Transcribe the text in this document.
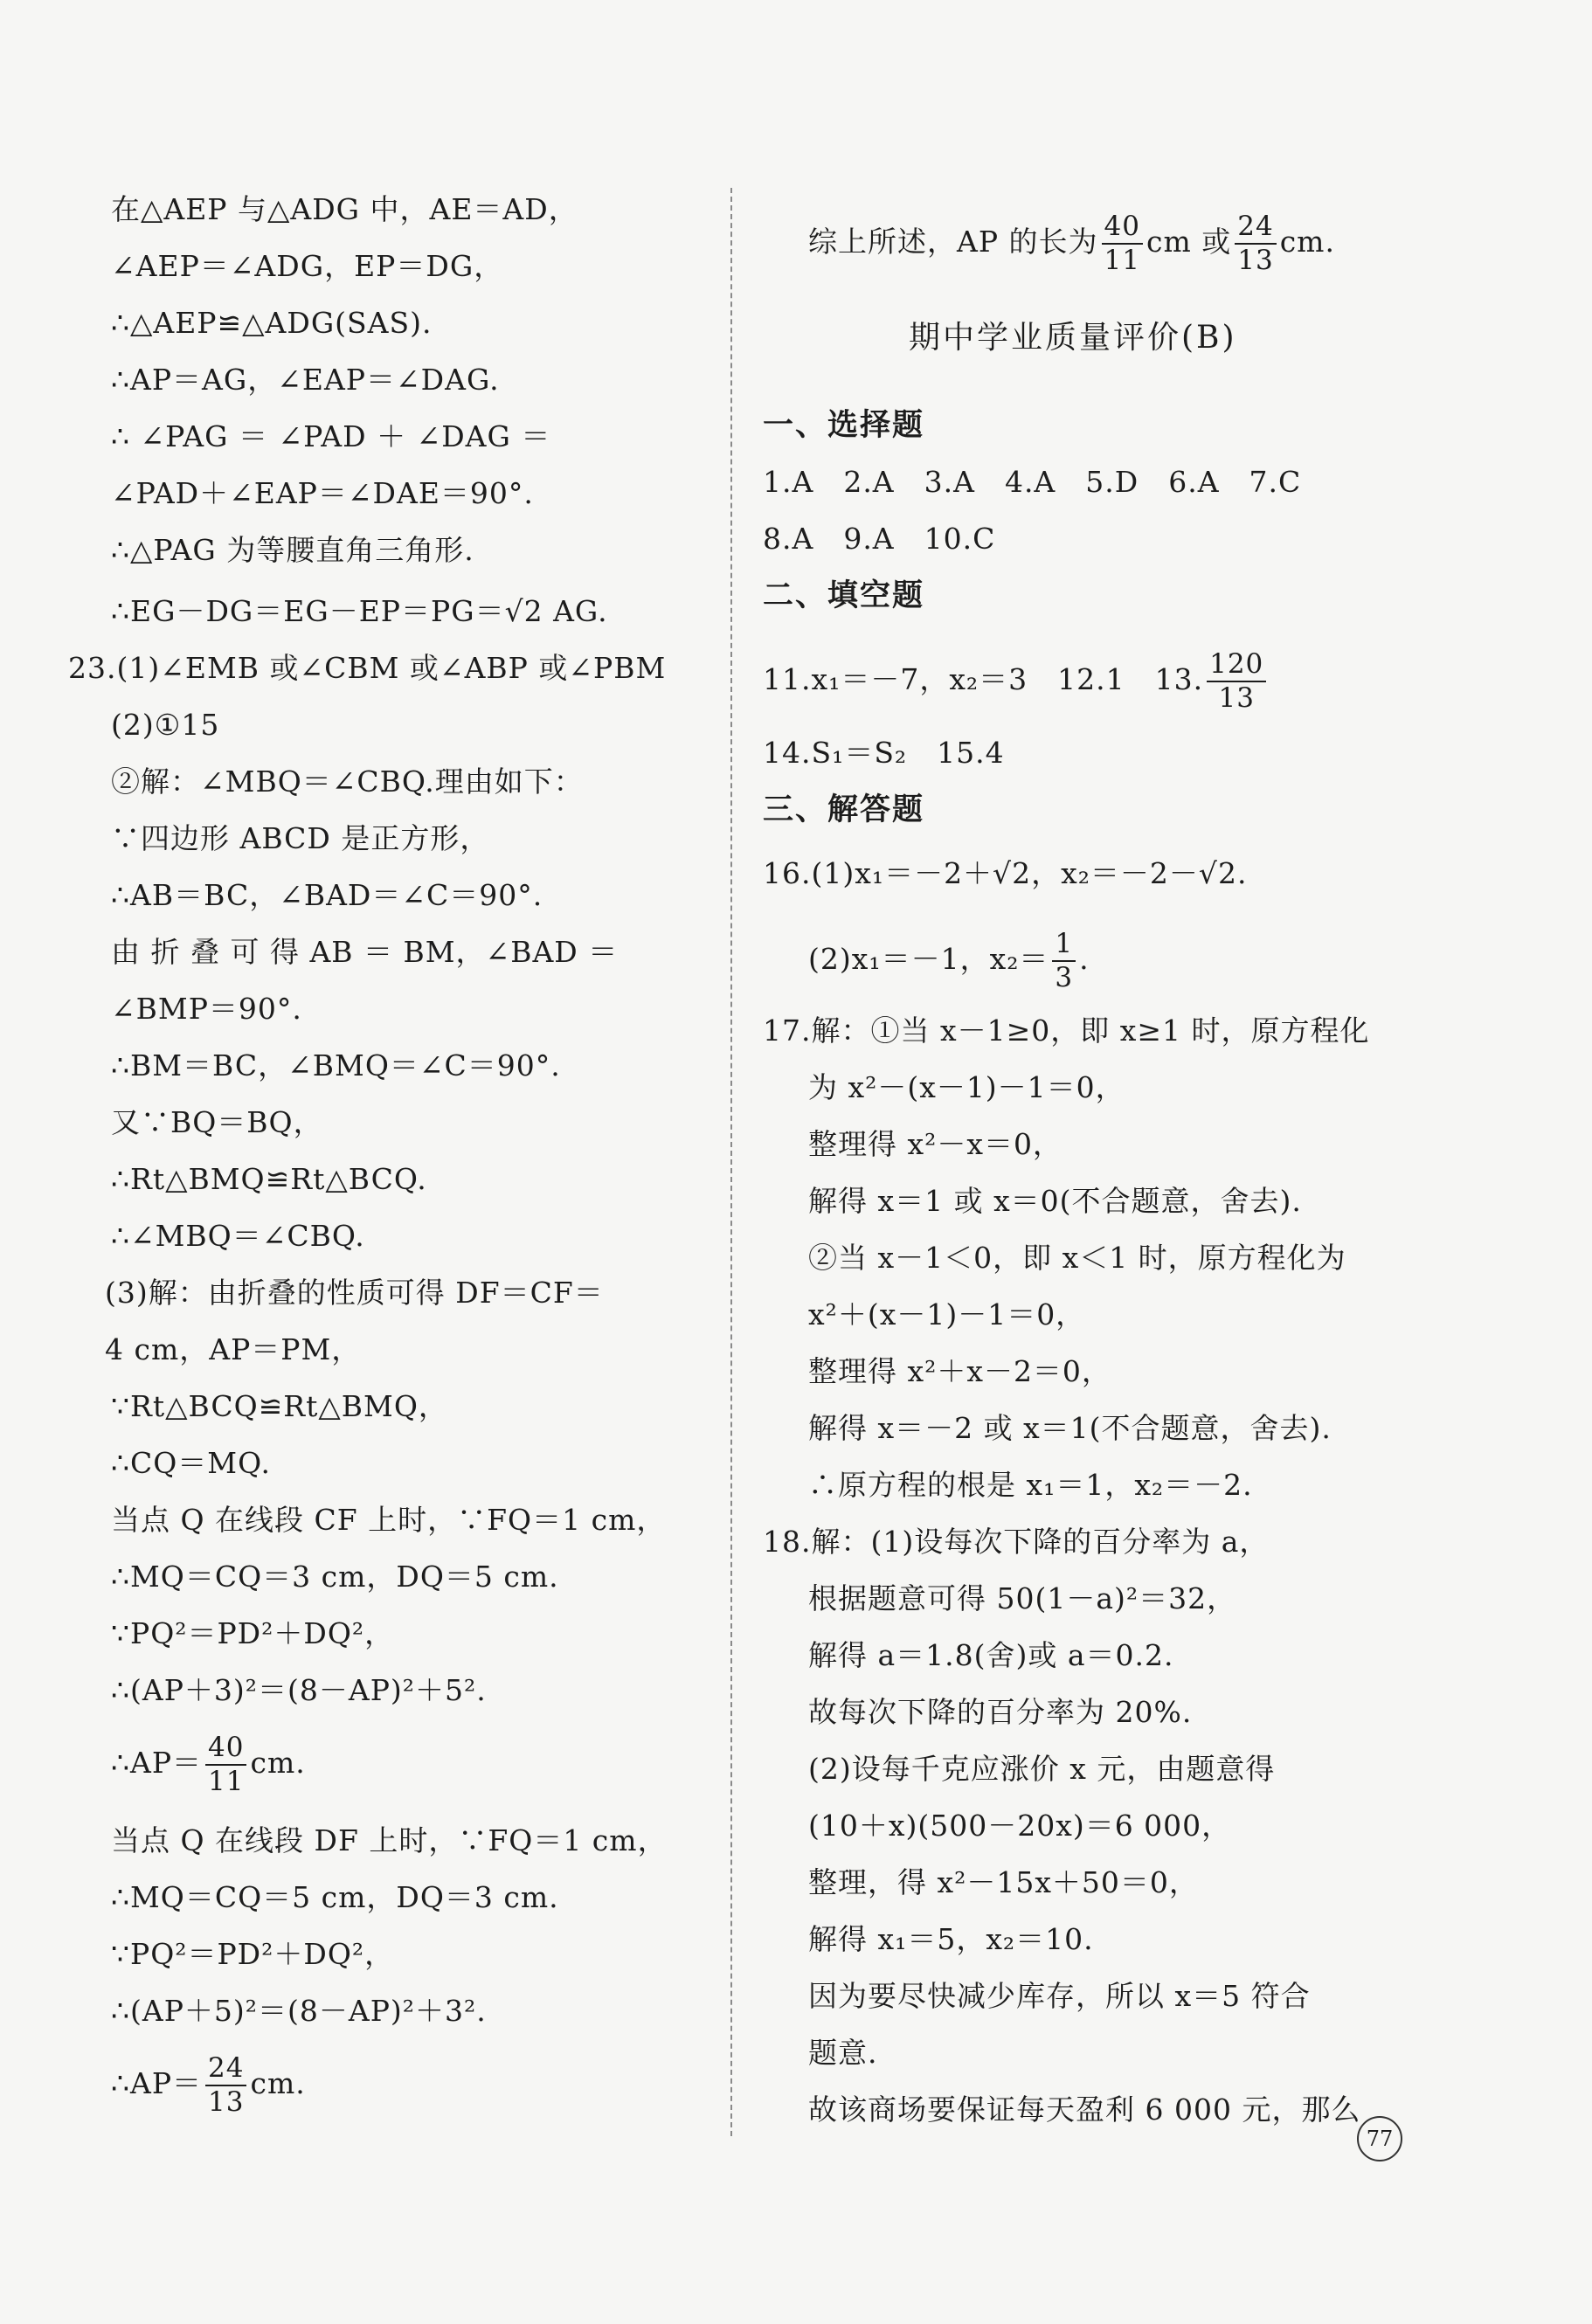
在△AEP 与△ADG 中，AE＝AD，
∠AEP＝∠ADG，EP＝DG，
∴△AEP≌△ADG(SAS).
∴AP＝AG，∠EAP＝∠DAG.
∴ ∠PAG ＝ ∠PAD ＋ ∠DAG ＝
∠PAD＋∠EAP＝∠DAE＝90°.
∴△PAG 为等腰直角三角形.
∴EG－DG＝EG－EP＝PG＝√2 AG.
23.(1)∠EMB 或∠CBM 或∠ABP 或∠PBM
(2)①15
②解：∠MBQ＝∠CBQ.理由如下：
∵四边形 ABCD 是正方形，
∴AB＝BC，∠BAD＝∠C＝90°.
由 折 叠 可 得 AB ＝ BM，∠BAD ＝
∠BMP＝90°.
∴BM＝BC，∠BMQ＝∠C＝90°.
又∵BQ＝BQ，
∴Rt△BMQ≌Rt△BCQ.
∴∠MBQ＝∠CBQ.
(3)解：由折叠的性质可得 DF＝CF＝
4 cm，AP＝PM，
∵Rt△BCQ≌Rt△BMQ，
∴CQ＝MQ.
当点 Q 在线段 CF 上时，∵FQ＝1 cm，
∴MQ＝CQ＝3 cm，DQ＝5 cm.
∵PQ²＝PD²＋DQ²，
∴(AP＋3)²＝(8－AP)²＋5².
∴AP＝ $\frac{40}{11}$ cm.
当点 Q 在线段 DF 上时，∵FQ＝1 cm，
∴MQ＝CQ＝5 cm，DQ＝3 cm.
∵PQ²＝PD²＋DQ²，
∴(AP＋5)²＝(8－AP)²＋3².
∴AP＝ $\frac{24}{13}$ cm.
综上所述，AP 的长为 $\frac{40}{11}$ cm 或 $\frac{24}{13}$ cm.
期中学业质量评价(B)
一、选择题
1.A　2.A　3.A　4.A　5.D　6.A　7.C
8.A　9.A　10.C
二、填空题
11.x₁＝－7，x₂＝3　12.1　13. $\frac{120}{13}$
14.S₁＝S₂　15.4
三、解答题
16.(1)x₁＝－2＋√2，x₂＝－2－√2.
(2)x₁＝－1，$x_2= \frac{1}{3}$ .
17.解：①当 x－1≥0，即 x≥1 时，原方程化
为 x²－(x－1)－1＝0，
整理得 x²－x＝0，
解得 x＝1 或 x＝0(不合题意，舍去).
②当 x－1＜0，即 x＜1 时，原方程化为
x²＋(x－1)－1＝0，
整理得 x²＋x－2＝0，
解得 x＝－2 或 x＝1(不合题意，舍去).
∴原方程的根是 x₁＝1，x₂＝－2.
18.解：(1)设每次下降的百分率为 a，
根据题意可得 50(1－a)²＝32，
解得 a＝1.8(舍)或 a＝0.2.
故每次下降的百分率为 20%.
(2)设每千克应涨价 x 元，由题意得
(10＋x)(500－20x)＝6 000，
整理，得 x²－15x＋50＝0，
解得 x₁＝5，x₂＝10.
因为要尽快减少库存，所以 x＝5 符合
题意.
故该商场要保证每天盈利 6 000 元，那么
77
